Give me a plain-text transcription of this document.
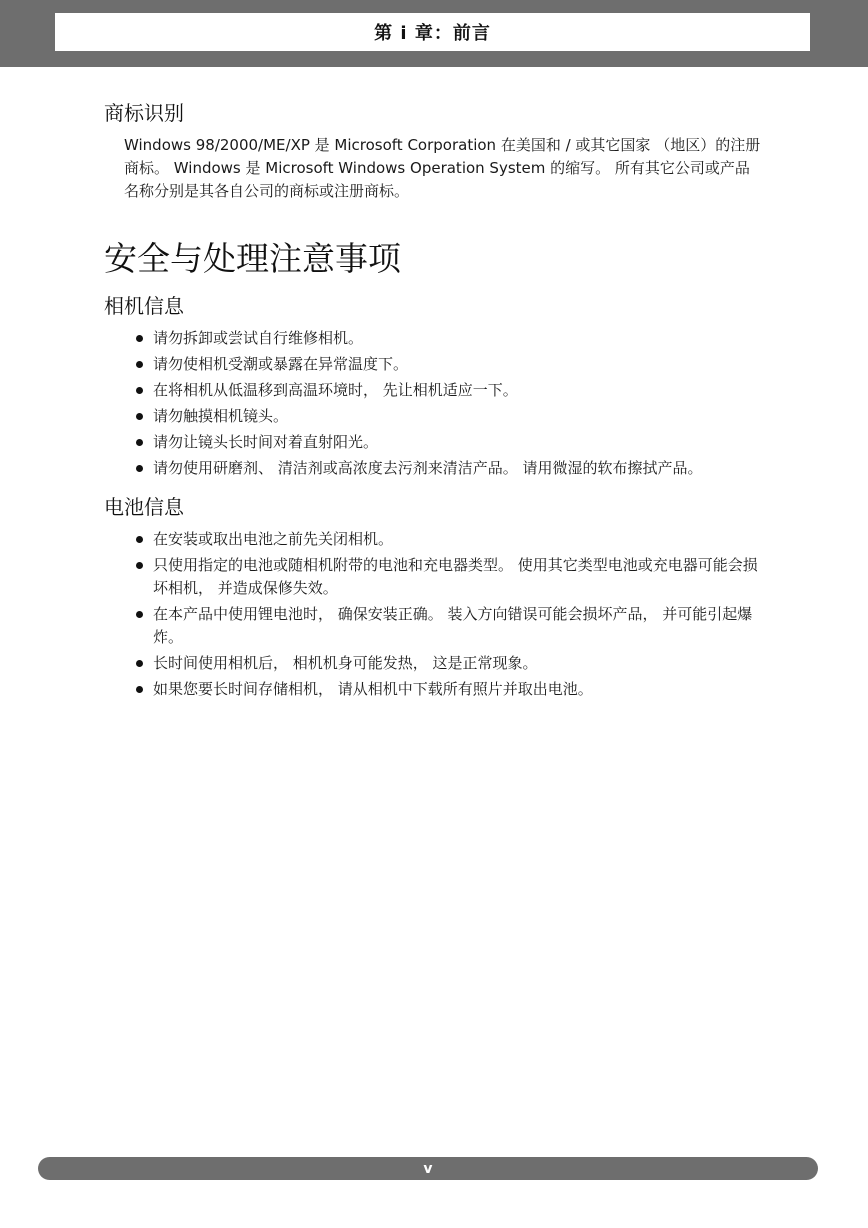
第 i 章：前言
商标识别

Windows 98/2000/ME/XP 是 Microsoft Corporation 在美国和 / 或其它国家 （地区）的注册商标。 Windows 是 Microsoft Windows Operation System 的缩写。 所有其它公司或产品名称分别是其各自公司的商标或注册商标。

安全与处理注意事项
相机信息
请勿拆卸或尝试自行维修相机。
请勿使相机受潮或暴露在异常温度下。
在将相机从低温移到高温环境时， 先让相机适应一下。
请勿触摸相机镜头。
请勿让镜头长时间对着直射阳光。
请勿使用研磨剂、 清洁剂或高浓度去污剂来清洁产品。 请用微湿的软布擦拭产品。
电池信息
在安装或取出电池之前先关闭相机。
只使用指定的电池或随相机附带的电池和充电器类型。 使用其它类型电池或充电器可能会损坏相机， 并造成保修失效。
在本产品中使用锂电池时， 确保安装正确。 装入方向错误可能会损坏产品， 并可能引起爆炸。
长时间使用相机后， 相机机身可能发热， 这是正常现象。
如果您要长时间存储相机， 请从相机中下载所有照片并取出电池。
v
